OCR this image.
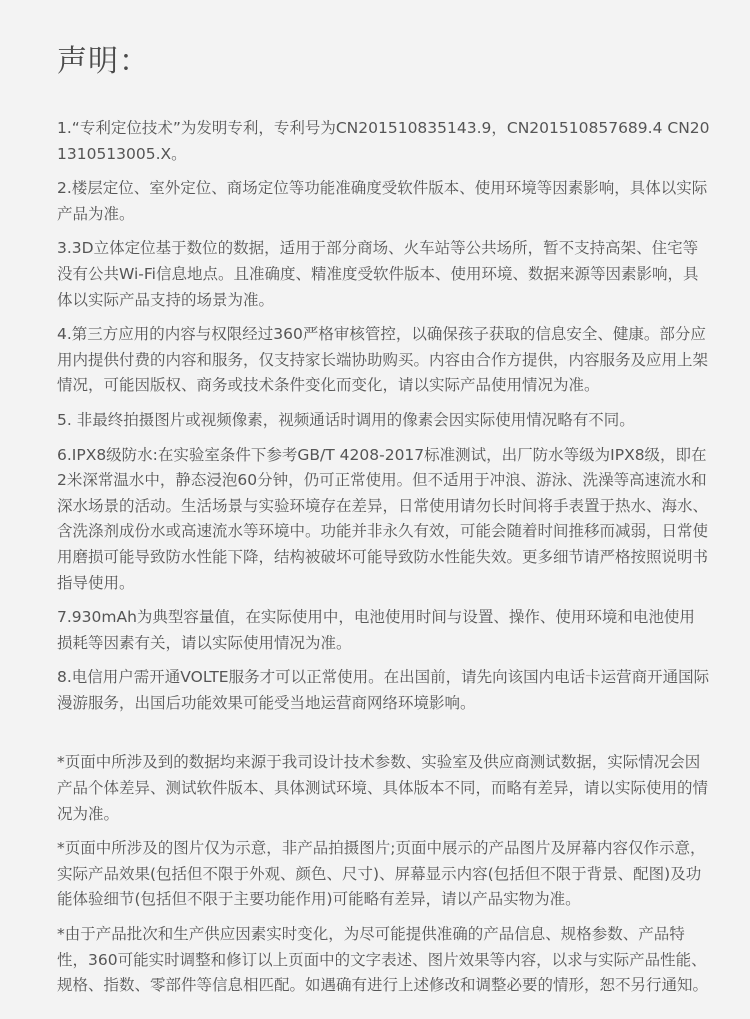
声明：

1.“专利定位技术”为发明专利，专利号为CN201510835143.9，CN201510857689.4 CN201310513005.X。

2.楼层定位、室外定位、商场定位等功能准确度受软件版本、使用环境等因素影响，具体以实际产品为准。

3.3D立体定位基于数位的数据，适用于部分商场、火车站等公共场所，暂不支持高架、住宅等没有公共Wi-Fi信息地点。且准确度、精准度受软件版本、使用环境、数据来源等因素影响，具体以实际产品支持的场景为准。

4.第三方应用的内容与权限经过360严格审核管控，以确保孩子获取的信息安全、健康。部分应用内提供付费的内容和服务，仅支持家长端协助购买。内容由合作方提供，内容服务及应用上架情况，可能因版权、商务或技术条件变化而变化，请以实际产品使用情况为准。

5. 非最终拍摄图片或视频像素，视频通话时调用的像素会因实际使用情况略有不同。

6.IPX8级防水:在实验室条件下参考GB/T 4208-2017标准测试，出厂防水等级为IPX8级，即在2米深常温水中，静态浸泡60分钟，仍可正常使用。但不适用于冲浪、游泳、洗澡等高速流水和深水场景的活动。生活场景与实验环境存在差异，日常使用请勿长时间将手表置于热水、海水、含洗涤剂成份水或高速流水等环境中。功能并非永久有效，可能会随着时间推移而减弱，日常使用磨损可能导致防水性能下降，结构被破坏可能导致防水性能失效。更多细节请严格按照说明书指导使用。

7.930mAh为典型容量值，在实际使用中，电池使用时间与设置、操作、使用环境和电池使用损耗等因素有关，请以实际使用情况为准。

8.电信用户需开通VOLTE服务才可以正常使用。在出国前，请先向该国内电话卡运营商开通国际漫游服务，出国后功能效果可能受当地运营商网络环境影响。

*页面中所涉及到的数据均来源于我司设计技术参数、实验室及供应商测试数据，实际情况会因产品个体差异、测试软件版本、具体测试环境、具体版本不同，而略有差异，请以实际使用的情况为准。

*页面中所涉及的图片仅为示意，非产品拍摄图片;页面中展示的产品图片及屏幕内容仅作示意，实际产品效果(包括但不限于外观、颜色、尺寸)、屏幕显示内容(包括但不限于背景、配图)及功能体验细节(包括但不限于主要功能作用)可能略有差异，请以产品实物为准。

*由于产品批次和生产供应因素实时变化，为尽可能提供准确的产品信息、规格参数、产品特性，360可能实时调整和修订以上页面中的文字表述、图片效果等内容，以求与实际产品性能、规格、指数、零部件等信息相匹配。如遇确有进行上述修改和调整必要的情形，恕不另行通知。
